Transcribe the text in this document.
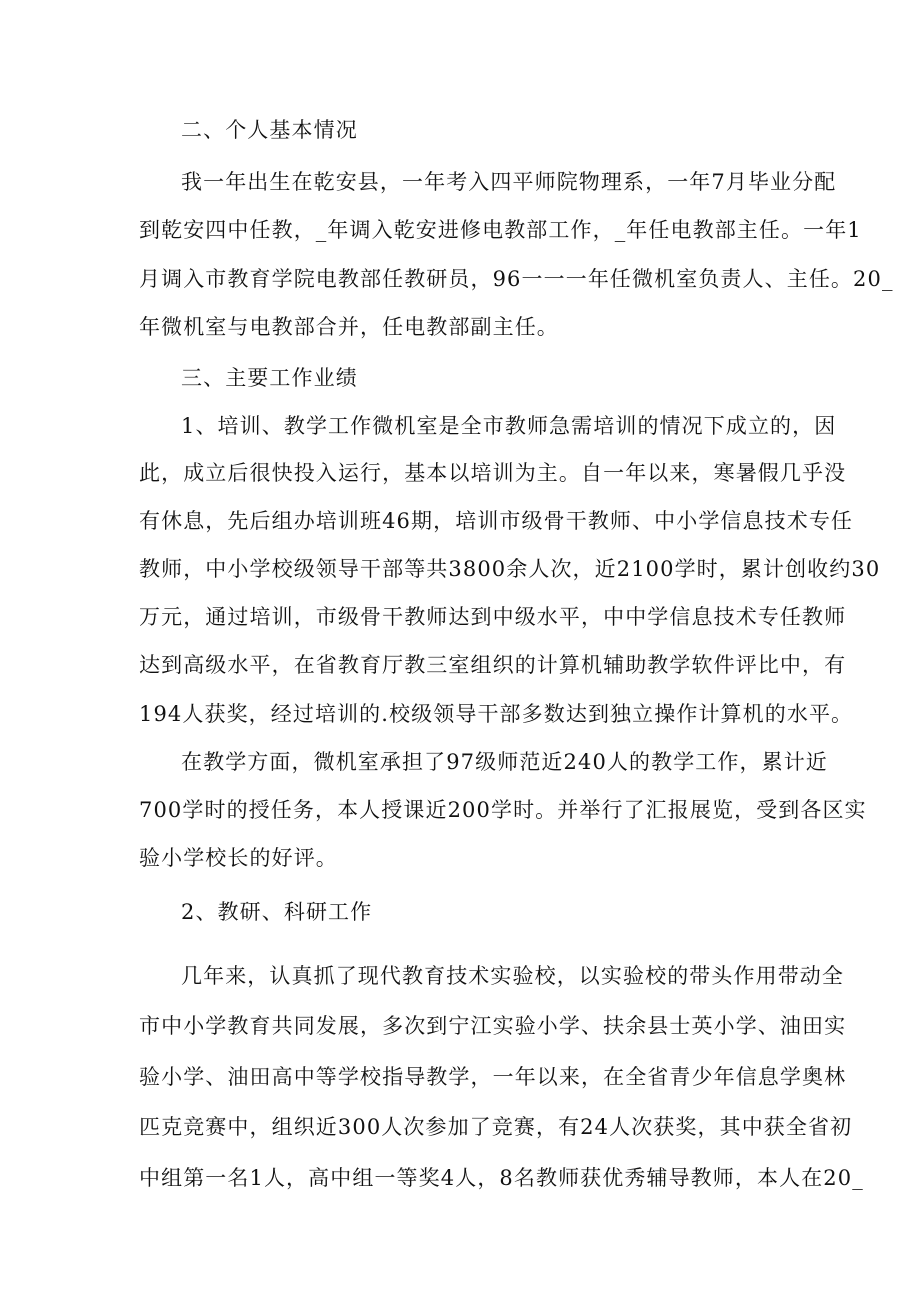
二、个人基本情况
我一年出生在乾安县，一年考入四平师院物理系，一年7月毕业分配
到乾安四中任教，_年调入乾安进修电教部工作，_年任电教部主任。一年1
月调入市教育学院电教部任教研员，96一一一年任微机室负责人、主任。20_
年微机室与电教部合并，任电教部副主任。
三、主要工作业绩
1、培训、教学工作微机室是全市教师急需培训的情况下成立的，因
此，成立后很快投入运行，基本以培训为主。自一年以来，寒暑假几乎没
有休息，先后组办培训班46期，培训市级骨干教师、中小学信息技术专任
教师，中小学校级领导干部等共3800余人次，近2100学时，累计创收约30
万元，通过培训，市级骨干教师达到中级水平，中中学信息技术专任教师
达到高级水平，在省教育厅教三室组织的计算机辅助教学软件评比中，有
194人获奖，经过培训的.校级领导干部多数达到独立操作计算机的水平。
在教学方面，微机室承担了97级师范近240人的教学工作，累计近
700学时的授任务，本人授课近200学时。并举行了汇报展览，受到各区实
验小学校长的好评。
2、教研、科研工作
几年来，认真抓了现代教育技术实验校，以实验校的带头作用带动全
市中小学教育共同发展，多次到宁江实验小学、扶余县士英小学、油田实
验小学、油田高中等学校指导教学，一年以来，在全省青少年信息学奥林
匹克竞赛中，组织近300人次参加了竞赛，有24人次获奖，其中获全省初
中组第一名1人，高中组一等奖4人，8名教师获优秀辅导教师，本人在20_
